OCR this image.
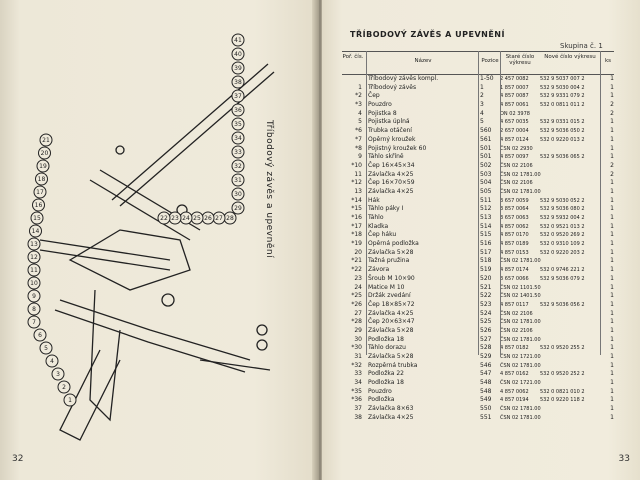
41
40
39
38
37
36
35
34
33
32
31
30
29
28
27
26
25
24
23
22
21
20
19
18
17
16
15
14
13
12
11
10
9
8
7
6
5
4
3
2
1
Tříbodový závěs a upevnění
32	33
TŘÍBODOVÝ ZÁVĚS A UPEVNĚNÍ
Skupina č. 1
Poř. čís.
Název	Pozice
Staré číslo výkresu
Nové číslo výkresu
ks
Tříbodový závěs kompl.	1-50	2 457 0082	532 9 5037 007 2	1
1 Tříbodový závěs	1	1 857 0007	532 9 5030 004 2	1
*2 Čep	2	4 857 0087	532 9 9331 079 2	1
*3 Pouzdro	3	4 857 0061	532 0 0811 011 2	2
4 Pojistka 8	4	ON 02 3978	2
5 Pojistka úplná	5	4 657 0035	532 9 0331 015 2	1
*6 Trubka otáčení	560	2 657 0004	532 9 5036 050 2	1
*7 Opěrný kroužek	561	4 857 0124	532 0 9220 013 2	1
*8 Pojistný kroužek 60	501	ČSN 02 2930	1
9 Táhlo skříně	501	4 857 0097	532 9 5036 065 2	1
*10 Čep 16×45×34	502	ČSN 02 2106	2
11 Závlačka 4×25	503	ČSN 02 1781.00	2
*12 Čep 16×70×59	504	ČSN 02 2106	1
13 Závlačka 4×25	505	ČSN 02 1781.00	1
*14 Hák	511	3 657 0059	532 9 5030 052 2	1
*15 Táhlo páky I	512	3 857 0064	532 9 5036 080 2	1
*16 Táhlo	513	3 657 0063	532 9 5932 004 2	1
*17 Kladka	514	4 857 0062	532 0 9521 013 2	1
*18 Čep háku	515	4 857 0170	532 0 9520 269 2	1
*19 Opěrná podložka	516	4 857 0189	532 0 9310 109 2	1
20 Závlačka 5×28	517	4 857 0153	532 0 9220 203 2	1
*21 Tažná pružina	518	ČSN 02 1781.00	1
*22 Závora	519	4 857 0174	532 0 9746 221 2	1
23 Šroub M 10×90	520	3 657 0066	532 9 5036 079 2	1
24 Matice M 10	521	ČSN 02 1101.50	1
*25 Držák zvedání	522	ČSN 02 1401.50	1
*26 Čep 18×85×72	523	4 857 0117	532 9 5036 056 2	1
27 Závlačka 4×25	524	ČSN 02 2106	1
*28 Čep 20×63×47	525	ČSN 02 1781.00	1
29 Závlačka 5×28	526	ČSN 02 2106	1
30 Podložka 18	527	ČSN 02 1781.00	1
*30 Táhlo dorazu	528	4 857 0182	532 0 9520 255 2	1
31 Závlačka 5×28	529	ČSN 02 1721.00	1
*32 Rozpěrná trubka	546	ČSN 02 1781.00	1
33 Podložka 22	547	4 857 0162	532 0 9520 252 2	1
34 Podložka 18	548	ČSN 02 1721.00	1
*35 Pouzdro	548	4 857 0062	532 0 0821 010 2	1
*36 Podložka	549	4 857 0194	532 0 9220 118 2	1
37 Závlačka 8×63	550	ČSN 02 1781.00	1
38 Závlačka 4×25	551	ČSN 02 1781.00	1
